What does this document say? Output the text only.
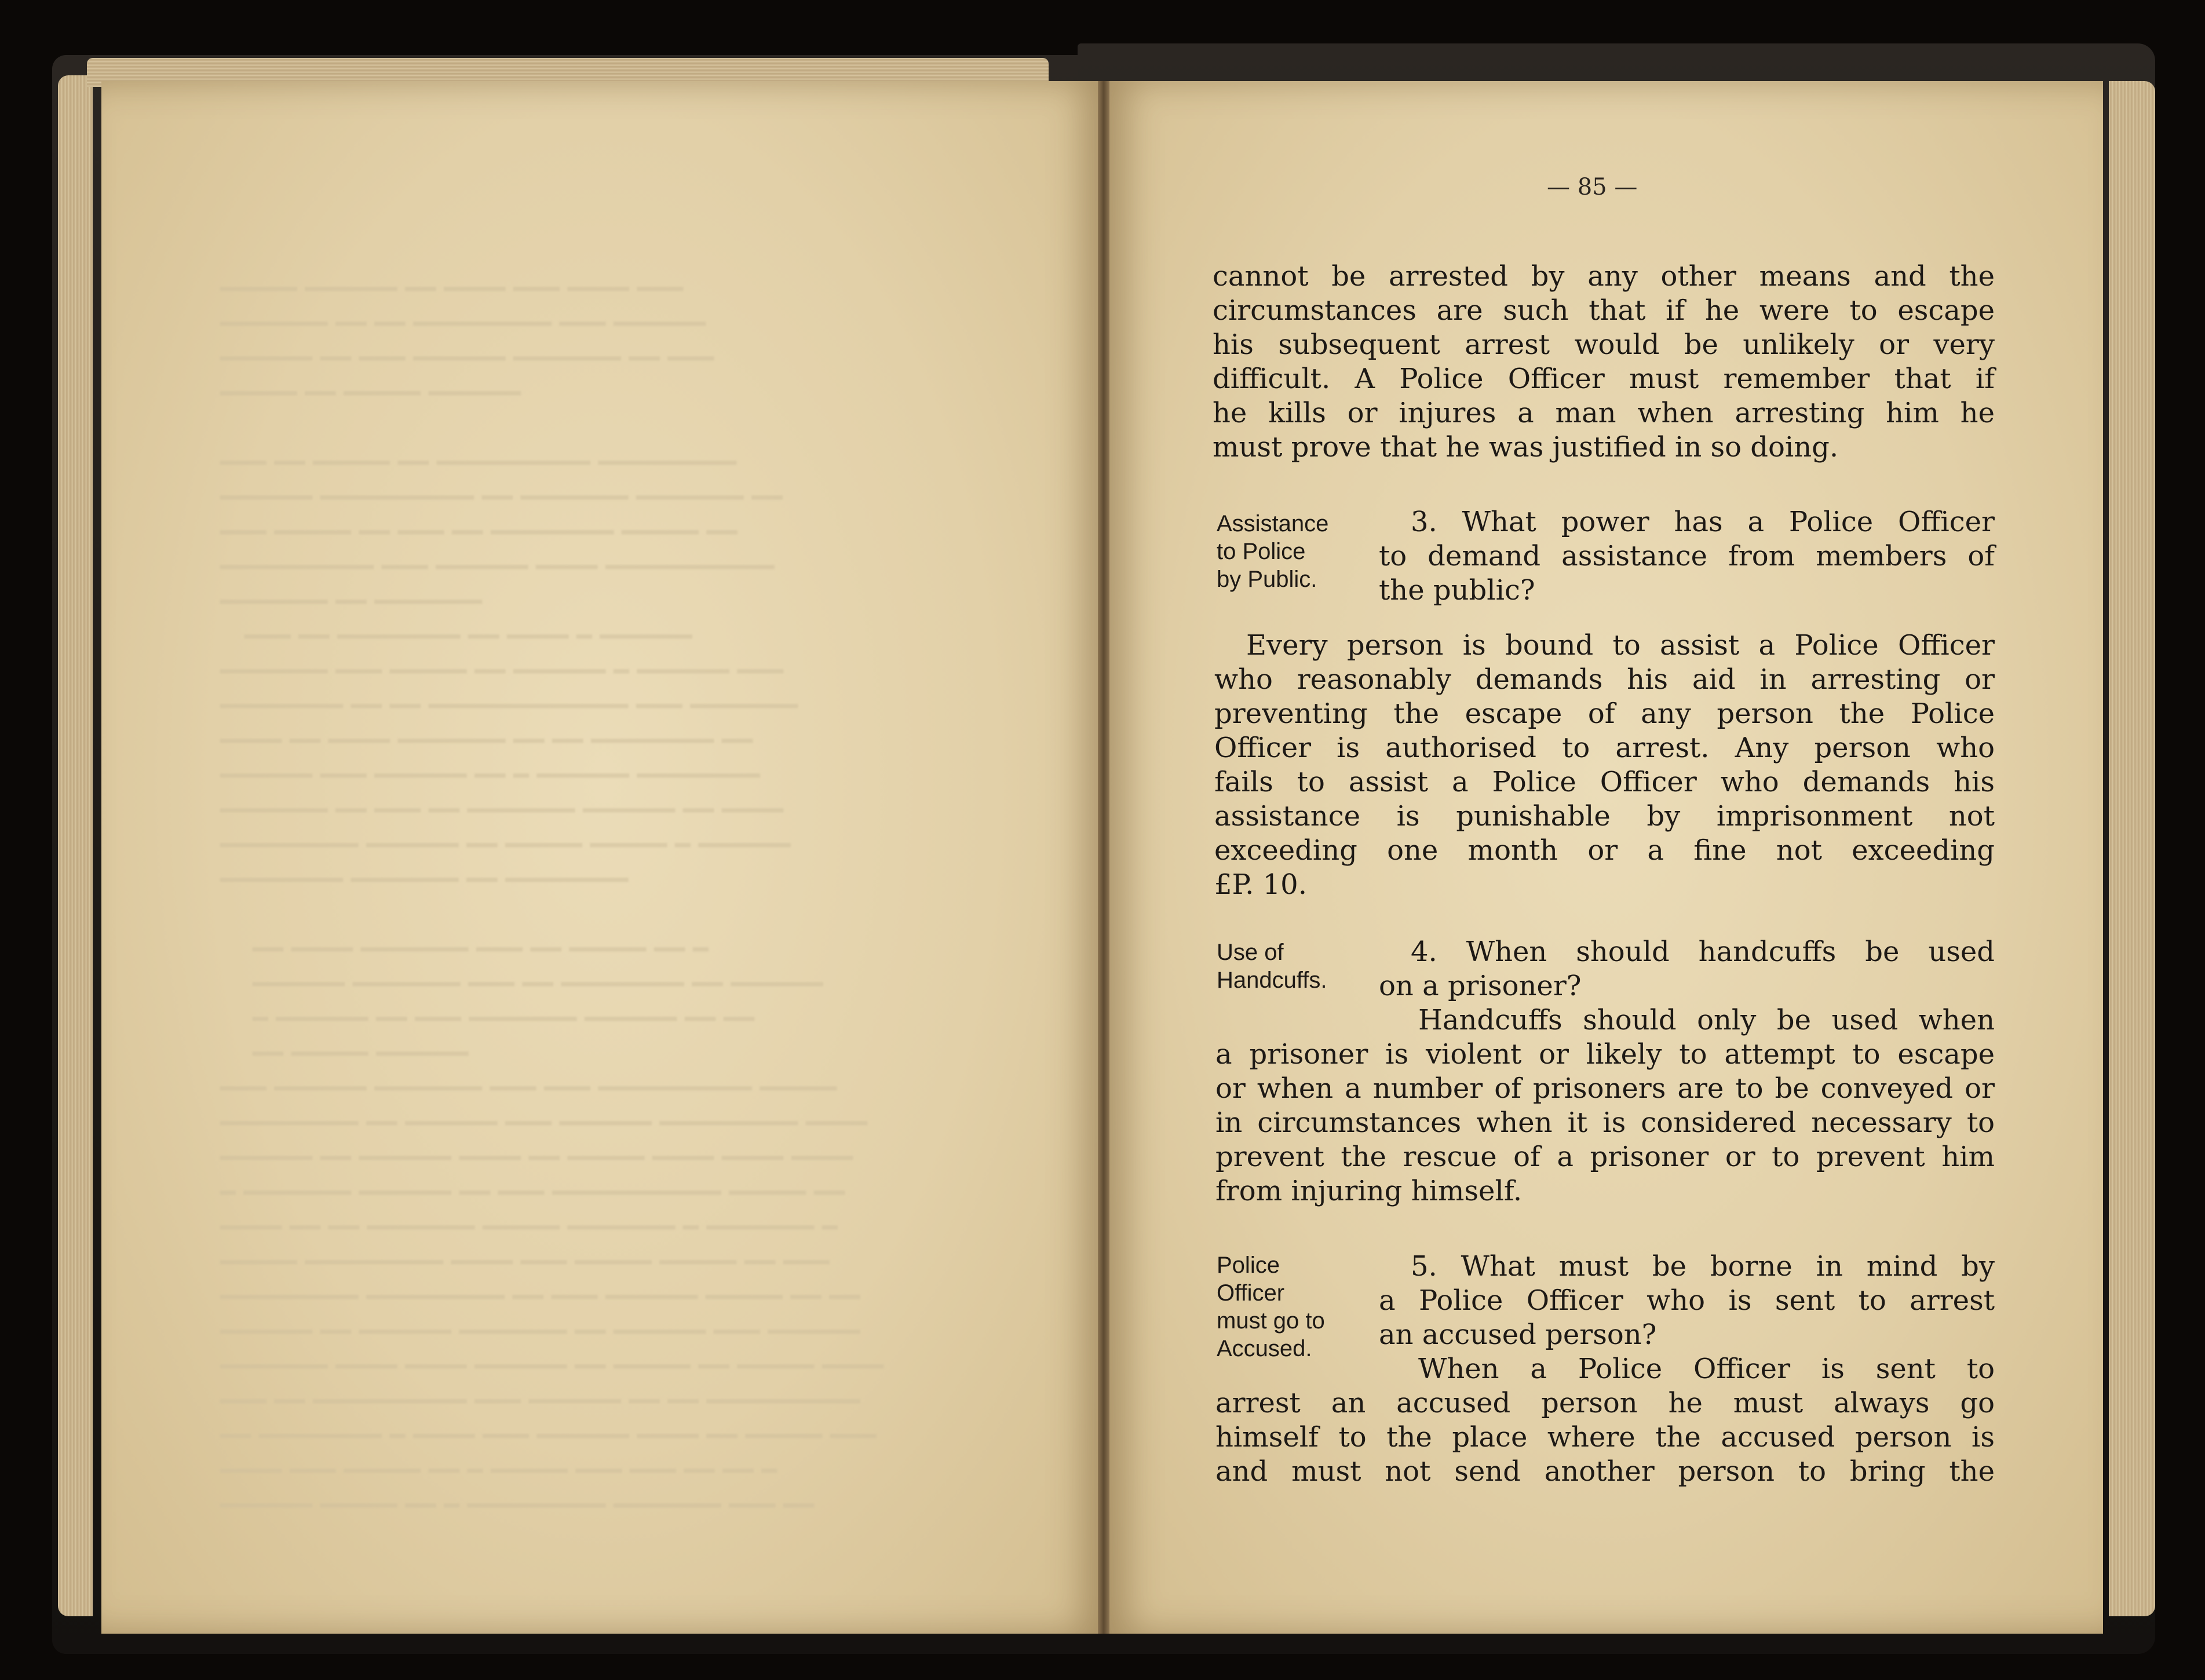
━━━━━ ━━━━━━ ━━ ━━━━ ━━━ ━━━━ ━━━
━━━━━━━ ━━ ━━ ━━━━━━━━━ ━━━ ━━━━━━
━━━━━━ ━━ ━━━ ━━━━━━ ━━━━━━━ ━━ ━━━
━━━━━ ━━ ━━━━━ ━━━━━━

━━━ ━━ ━━━━━ ━━ ━━━━━━━━━━ ━━━━━━━━━
━━━━━━ ━━━━━━━━━━ ━━ ━━━━━━━ ━━━━━━━ ━━
━━━ ━━━━━ ━━ ━━━ ━━ ━━━━━━━━ ━━━━━ ━━
━━━━━━━━━━ ━━━ ━━━━━━ ━━━━ ━━━━━━━━━━━
━━━━━━━ ━━ ━━━━━━━
━━━ ━━ ━━━━━━━━ ━━ ━━━━ ━ ━━━━━━
━━━━━━━ ━━━ ━━━━━ ━━ ━━━━━━ ━ ━━━━━━ ━━━
━━━━━━━━ ━━ ━━ ━━━━━━━━━━━━━ ━━━ ━━━━━━━
━━━━ ━━ ━━━━ ━━━━━━━ ━━ ━━ ━━━━━━━━ ━━
━━━━━━ ━━━ ━━━━━━ ━━ ━ ━━━━━━ ━━━━━━━━
━━━━━━━ ━━ ━━━ ━━ ━━━━━━━ ━━━━━━ ━━ ━━━━
━━━━━━━━━ ━━━━━━ ━━ ━━━━━ ━━━━━ ━ ━━━━━━
━━━━━━━━ ━━━━━━━ ━━ ━━━━━━━━

━━ ━━━━ ━━━━━━━ ━━━ ━━ ━━━━━ ━━ ━
━━━━━━ ━━━━━━━ ━━━ ━━ ━━━━━━━━ ━━ ━━━━━━
━ ━━━━━━ ━━ ━━━ ━━━━━━━ ━━━━━━ ━━ ━━
━━ ━━━━━ ━━━━━━
━━━ ━━━━━━ ━━━━━━━ ━━━ ━━━ ━━━━━━━━━━ ━━━━━
━━━━━━━━━ ━━ ━━━━━━ ━━━ ━━━━━━ ━━━━━━━━━ ━━━━
━━━━━━ ━━ ━━━━━━ ━━━━ ━━ ━━━━━ ━━━━ ━━━━ ━━━━
━ ━━━━━━━ ━━━━━━ ━━ ━━━ ━━━━━━━━━━━ ━━━━━ ━━
━━━━ ━━ ━━ ━━━━━━━ ━━━━━ ━━━━━━━ ━ ━━━━━━━ ━
━━━━━ ━━━━━━━━━ ━━━━ ━━━ ━━━━━ ━━━━━ ━━ ━━━
━━━━━━━━━ ━━━━━━━━━ ━━ ━━━ ━━━━━━ ━━━━━ ━━ ━━
━━━━━━ ━━ ━━━━━━ ━━━━━━━ ━━ ━━━━━━ ━━━ ━━━━━━
━━━━━━━ ━━━━ ━━━━ ━━━━━━ ━━ ━━━━━ ━━ ━━━━━ ━━━━
━━━ ━━ ━━━━━━━━━━ ━━━ ━━━━━━ ━━ ━━ ━━━━━━━━━━
━━ ━━━━━━━━ ━ ━━━━ ━━━ ━━━━━━ ━━━━ ━━ ━━━━━ ━━━
━━━━ ━━━ ━━━━━ ━━ ━ ━━━━━ ━━━ ━━━ ━━ ━━ ━
━━━━━━ ━━━━━ ━━ ━ ━━━━━━━━━ ━━━━━━━ ━━━ ━━
— 85 —
cannot be arrested by any other means and the
circumstances are such that if he were to escape
his subsequent arrest would be unlikely or very
difficult. A Police Officer must remember that if
he kills or injures a man when arresting him he
must prove that he was justified in so doing.
Assistance
to Police
by Public.
3. What power has a Police Officer
to demand assistance from members of
the public?
Every person is bound to assist a Police Officer
who reasonably demands his aid in arresting or
preventing the escape of any person the Police
Officer is authorised to arrest. Any person who
fails to assist a Police Officer who demands his
assistance is punishable by imprisonment not
exceeding one month or a fine not exceeding
£P. 10.
Use of
Handcuffs.
4. When should handcuffs be used
on a prisoner?
Handcuffs should only be used when
a prisoner is violent or likely to attempt to escape
or when a number of prisoners are to be conveyed or
in circumstances when it is considered necessary to
prevent the rescue of a prisoner or to prevent him
from injuring himself.
Police
Officer
must go to
Accused.
5. What must be borne in mind by
a Police Officer who is sent to arrest
an accused person?
When a Police Officer is sent to
arrest an accused person he must always go
himself to the place where the accused person is
and must not send another person to bring the
